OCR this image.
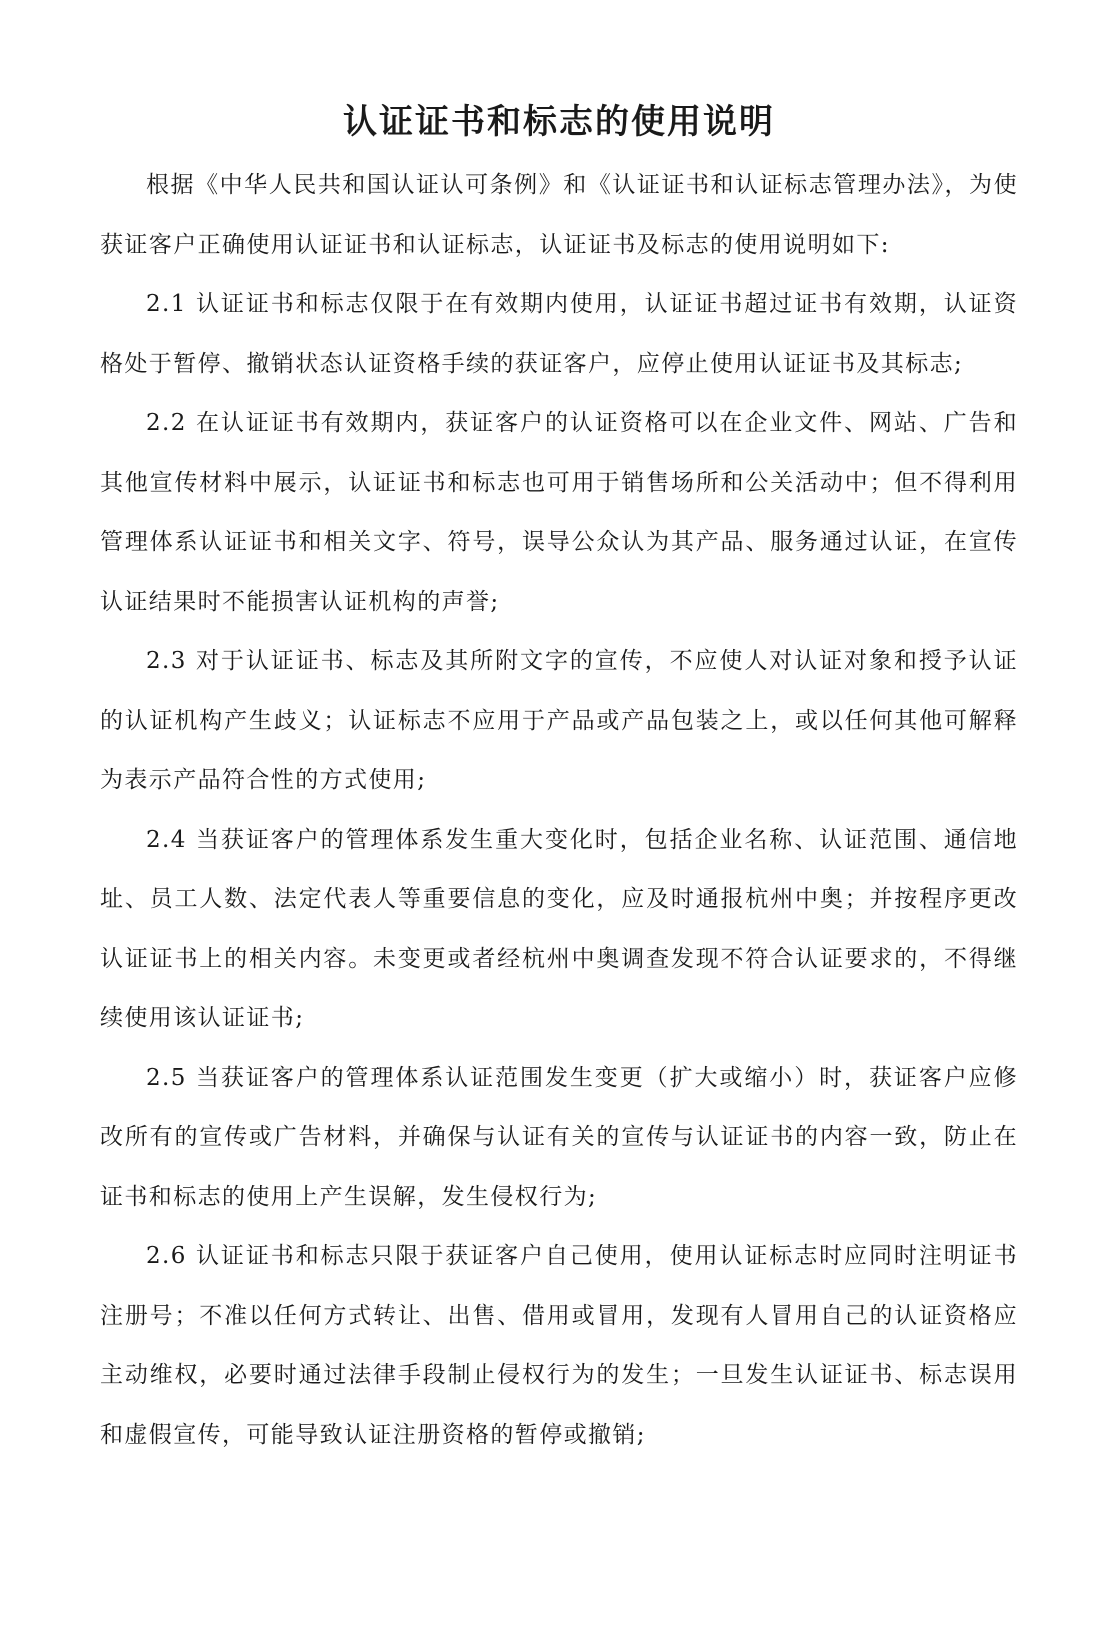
认证证书和标志的使用说明

根据《中华人民共和国认证认可条例》和《认证证书和认证标志管理办法》，为使获证客户正确使用认证证书和认证标志，认证证书及标志的使用说明如下:

2.1 认证证书和标志仅限于在有效期内使用，认证证书超过证书有效期，认证资格处于暂停、撤销状态认证资格手续的获证客户，应停止使用认证证书及其标志;

2.2 在认证证书有效期内，获证客户的认证资格可以在企业文件、网站、广告和其他宣传材料中展示，认证证书和标志也可用于销售场所和公关活动中；但不得利用管理体系认证证书和相关文字、符号，误导公众认为其产品、服务通过认证，在宣传认证结果时不能损害认证机构的声誉;

2.3 对于认证证书、标志及其所附文字的宣传，不应使人对认证对象和授予认证的认证机构产生歧义；认证标志不应用于产品或产品包装之上，或以任何其他可解释为表示产品符合性的方式使用;

2.4 当获证客户的管理体系发生重大变化时，包括企业名称、认证范围、通信地址、员工人数、法定代表人等重要信息的变化，应及时通报杭州中奥；并按程序更改认证证书上的相关内容。未变更或者经杭州中奥调查发现不符合认证要求的，不得继续使用该认证证书;

2.5 当获证客户的管理体系认证范围发生变更（扩大或缩小）时，获证客户应修改所有的宣传或广告材料，并确保与认证有关的宣传与认证证书的内容一致，防止在证书和标志的使用上产生误解，发生侵权行为;

2.6 认证证书和标志只限于获证客户自己使用，使用认证标志时应同时注明证书注册号；不准以任何方式转让、出售、借用或冒用，发现有人冒用自己的认证资格应主动维权，必要时通过法律手段制止侵权行为的发生；一旦发生认证证书、标志误用和虚假宣传，可能导致认证注册资格的暂停或撤销;
